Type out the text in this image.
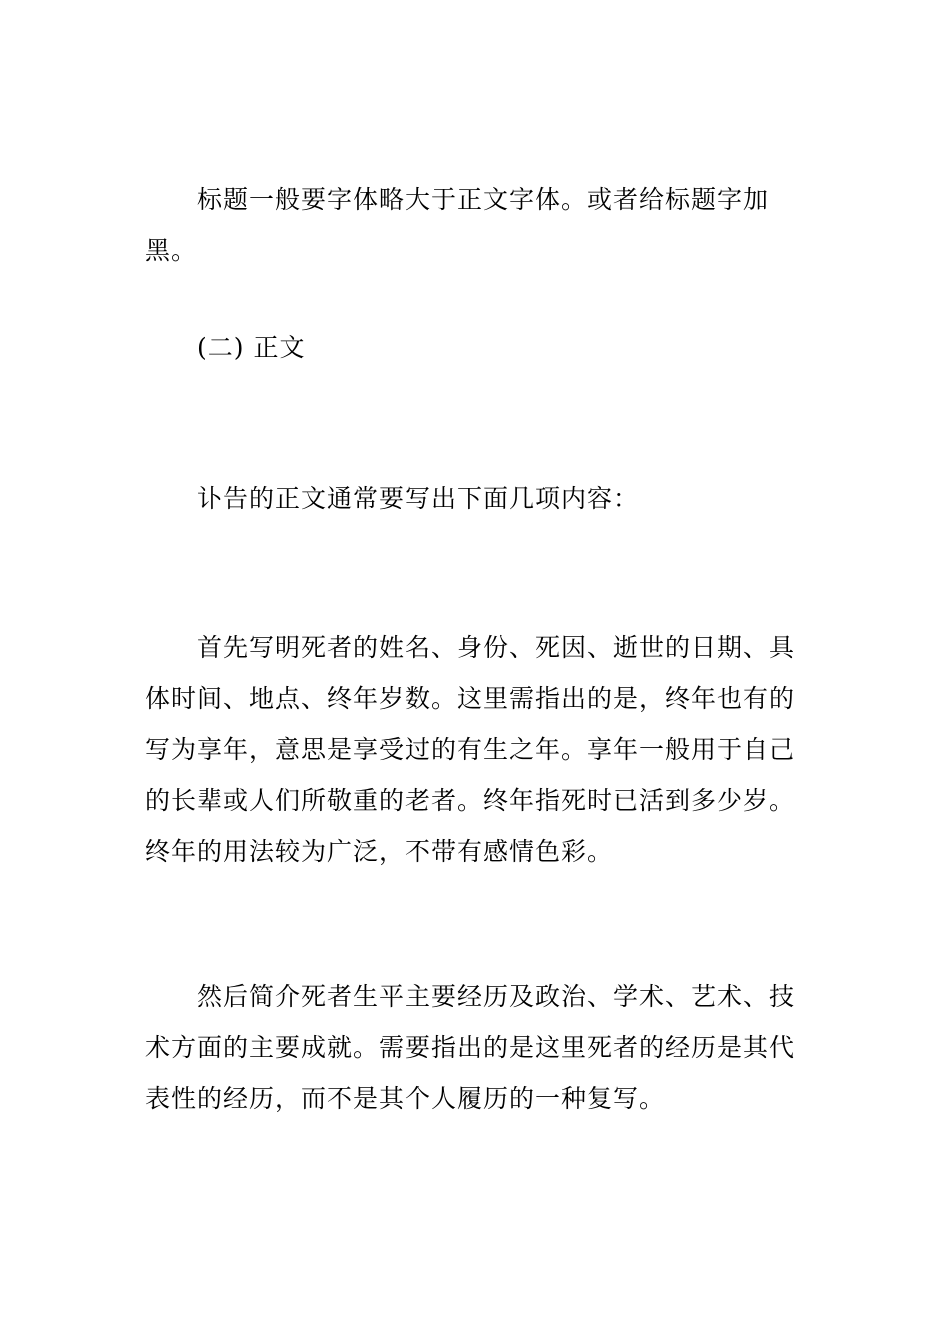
标题一般要字体略大于正文字体。或者给标题字加黑。

(二) 正文

讣告的正文通常要写出下面几项内容：

首先写明死者的姓名、身份、死因、逝世的日期、具体时间、地点、终年岁数。这里需指出的是，终年也有的写为享年，意思是享受过的有生之年。享年一般用于自己的长辈或人们所敬重的老者。终年指死时已活到多少岁。终年的用法较为广泛，不带有感情色彩。

然后简介死者生平主要经历及政治、学术、艺术、技术方面的主要成就。需要指出的是这里死者的经历是其代表性的经历，而不是其个人履历的一种复写。
